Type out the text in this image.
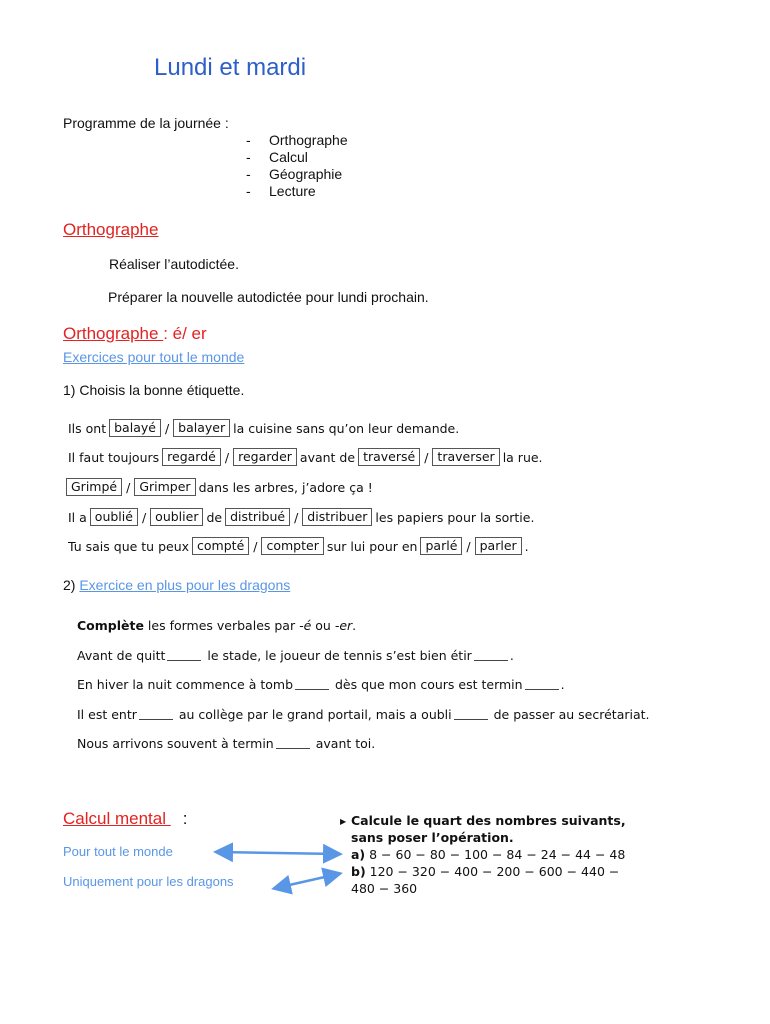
Lundi et mardi
Programme de la journée :
- Orthographe
- Calcul
- Géographie
- Lecture
Orthographe
Réaliser l’autodictée.
Préparer la nouvelle autodictée pour lundi prochain.
Orthographe : é/ er
Exercices pour tout le monde
1) Choisis la bonne étiquette.
Ils ont balayé / balayer la cuisine sans qu’on leur demande.
Il faut toujours regardé / regarder avant de traversé / traverser la rue.
Grimpé / Grimper dans les arbres, j’adore ça !
Il a oublié / oublier de distribué / distribuer les papiers pour la sortie.
Tu sais que tu peux compté / compter sur lui pour en parlé / parler .
2) Exercice en plus pour les dragons
Complète les formes verbales par -é ou -er .
Avant de quitt	le stade, le joueur de tennis s’est bien étir	.
En hiver la nuit commence à tomb	dès que mon cours est termin	.
Il est entr	au collège par le grand portail, mais a oubli	de passer au secrétariat.
Nous arrivons souvent à termin	avant toi.
Calcul mental :
Pour tout le monde
Uniquement pour les dragons
▶ Calcule le quart des nombres suivants, sans poser l’opération.
a) 8 − 60 − 80 − 100 − 84 − 24 − 44 − 48
b) 120 − 320 − 400 − 200 − 600 − 440 − 480 − 360
